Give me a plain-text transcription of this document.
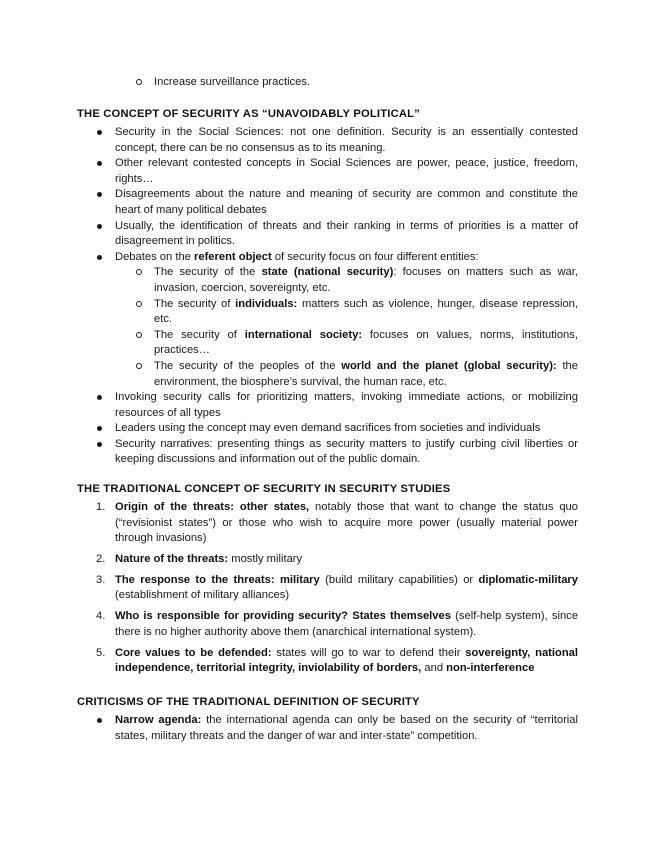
Increase surveillance practices.
THE CONCEPT OF SECURITY AS “UNAVOIDABLY POLITICAL”
Security in the Social Sciences: not one definition. Security is an essentially contested concept, there can be no consensus as to its meaning.
Other relevant contested concepts in Social Sciences are power, peace, justice, freedom, rights…
Disagreements about the nature and meaning of security are common and constitute the heart of many political debates
Usually, the identification of threats and their ranking in terms of priorities is a matter of disagreement in politics.
Debates on the referent object of security focus on four different entities:
The security of the state (national security): focuses on matters such as war, invasion, coercion, sovereignty, etc.
The security of individuals: matters such as violence, hunger, disease repression, etc.
The security of international society: focuses on values, norms, institutions, practices…
The security of the peoples of the world and the planet (global security): the environment, the biosphere’s survival, the human race, etc.
Invoking security calls for prioritizing matters, invoking immediate actions, or mobilizing resources of all types
Leaders using the concept may even demand sacrifices from societies and individuals
Security narratives: presenting things as security matters to justify curbing civil liberties or keeping discussions and information out of the public domain.
THE TRADITIONAL CONCEPT OF SECURITY IN SECURITY STUDIES
1. Origin of the threats: other states, notably those that want to change the status quo (“revisionist states”) or those who wish to acquire more power (usually material power through invasions)
2. Nature of the threats: mostly military
3. The response to the threats: military (build military capabilities) or diplomatic-military (establishment of military alliances)
4. Who is responsible for providing security? States themselves (self-help system), since there is no higher authority above them (anarchical international system).
5. Core values to be defended: states will go to war to defend their sovereignty, national independence, territorial integrity, inviolability of borders, and non-interference
CRITICISMS OF THE TRADITIONAL DEFINITION OF SECURITY
Narrow agenda: the international agenda can only be based on the security of “territorial states, military threats and the danger of war and inter-state” competition.
